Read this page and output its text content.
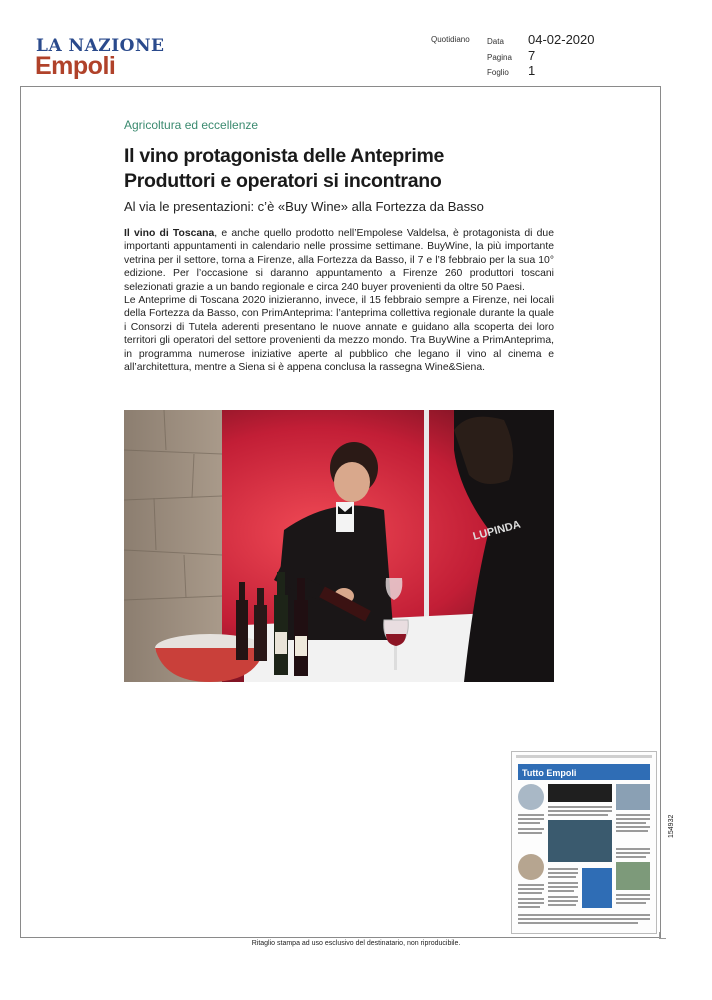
LA NAZIONE
Empoli
Quotidiano Data 04-02-2020
Pagina 7
Foglio 1
Agricoltura ed eccellenze
Il vino protagonista delle Anteprime
Produttori e operatori si incontrano
Al via le presentazioni: c’è «Buy Wine» alla Fortezza da Basso

Il vino di Toscana, e anche quello prodotto nell’Empolese Valdelsa, è protagonista di due importanti appuntamenti in calendario nelle prossime settimane. BuyWine, la più importante vetrina per il settore, torna a Firenze, alla Fortezza da Basso, il 7 e l’8 febbraio per la sua 10° edizione. Per l’occasione si daranno appuntamento a Firenze 260 produttori toscani selezionati grazie a un bando regionale e circa 240 buyer provenienti da oltre 50 Paesi.

Le Anteprime di Toscana 2020 inizieranno, invece, il 15 febbraio sempre a Firenze, nei locali della Fortezza da Basso, con PrimAnteprima: l’anteprima collettiva regionale durante la quale i Consorzi di Tutela aderenti presentano le nuove annate e guidano alla scoperta dei loro territori gli operatori del settore provenienti da mezzo mondo. Tra BuyWine a PrimAnteprima, in programma numerose iniziative aperte al pubblico che legano il vino al cinema e all’architettura, mentre a Siena si è appena conclusa la rassegna Wine&Siena.

LUPINDA
Tutto Empoli
154932
Ritaglio stampa ad uso esclusivo del destinatario, non riproducibile.
